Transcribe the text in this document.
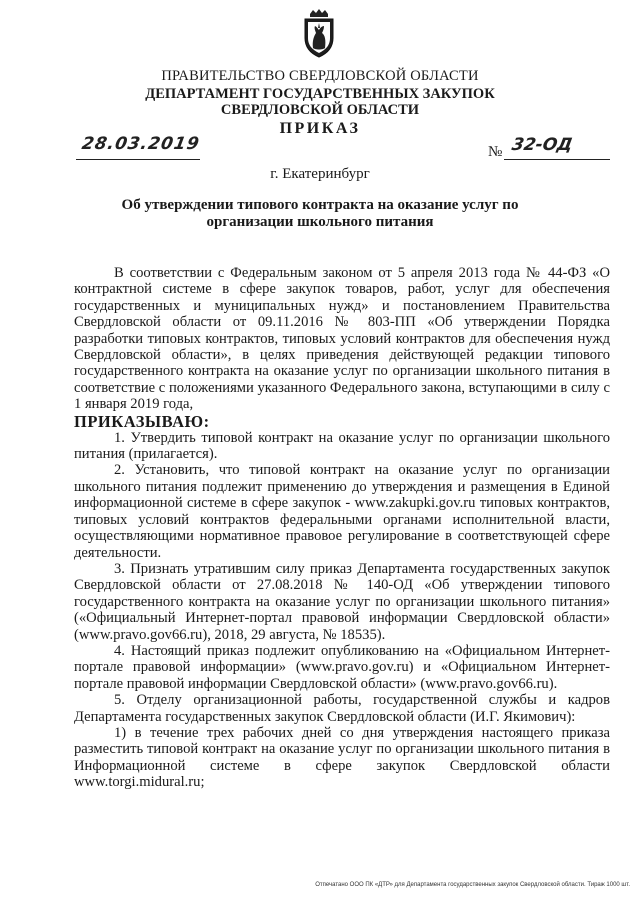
ПРАВИТЕЛЬСТВО СВЕРДЛОВСКОЙ ОБЛАСТИ
ДЕПАРТАМЕНТ ГОСУДАРСТВЕННЫХ ЗАКУПОК
СВЕРДЛОВСКОЙ ОБЛАСТИ
ПРИКАЗ
28.03.2019	№ 32-ОД
г. Екатеринбург
Об утверждении типового контракта на оказание услуг по организации школьного питания

В соответствии с Федеральным законом от 5 апреля 2013 года № 44-ФЗ «О контрактной системе в сфере закупок товаров, работ, услуг для обеспечения государственных и муниципальных нужд» и постановлением Правительства Свердловской области от 09.11.2016 № 803-ПП «Об утверждении Порядка разработки типовых контрактов, типовых условий контрактов для обеспечения нужд Свердловской области», в целях приведения действующей редакции типового государственного контракта на оказание услуг по организации школьного питания в соответствие с положениями указанного Федерального закона, вступающими в силу с 1 января 2019 года,

ПРИКАЗЫВАЮ:

1. Утвердить типовой контракт на оказание услуг по организации школьного питания (прилагается).

2. Установить, что типовой контракт на оказание услуг по организации школьного питания подлежит применению до утверждения и размещения в Единой информационной системе в сфере закупок - www.zakupki.gov.ru типовых контрактов, типовых условий контрактов федеральными органами исполнительной власти, осуществляющими нормативное правовое регулирование в соответствующей сфере деятельности.

3. Признать утратившим силу приказ Департамента государственных закупок Свердловской области от 27.08.2018 № 140-ОД «Об утверждении типового государственного контракта на оказание услуг по организации школьного питания» («Официальный Интернет-портал правовой информации Свердловской области» (www.pravo.gov66.ru), 2018, 29 августа, № 18535).

4. Настоящий приказ подлежит опубликованию на «Официальном Интернет-портале правовой информации» (www.pravo.gov.ru) и «Официальном Интернет-портале правовой информации Свердловской области» (www.pravo.gov66.ru).

5. Отделу организационной работы, государственной службы и кадров Департамента государственных закупок Свердловской области (И.Г. Якимович):

1) в течение трех рабочих дней со дня утверждения настоящего приказа разместить типовой контракт на оказание услуг по организации школьного питания в Информационной системе в сфере закупок Свердловской области www.torgi.midural.ru;

Отпечатано ООО ПК «ДТР» для Департамента государственных закупок Свердловской области. Тираж 1000 шт.
